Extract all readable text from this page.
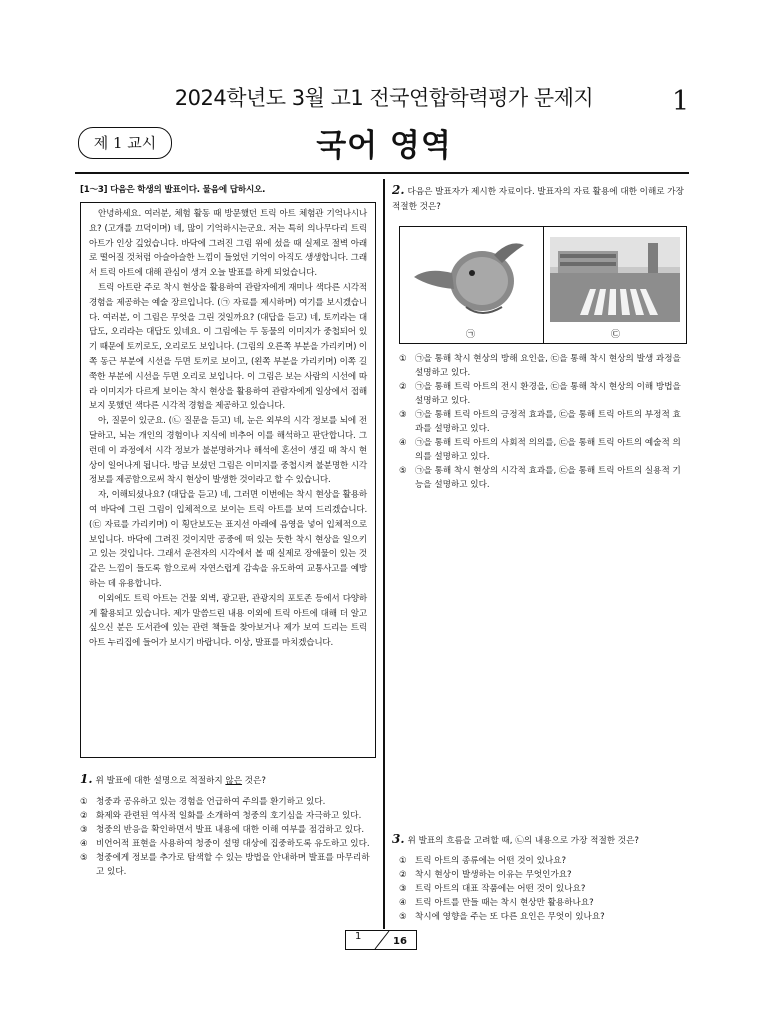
2024학년도 3월 고1 전국연합학력평가 문제지	1
제 1 교시	국어 영역
[1～3] 다음은 학생의 발표이다. 물음에 답하시오.

안녕하세요. 여러분, 체험 활동 때 방문했던 트릭 아트 체험관 기억나시나요? (고개를 끄덕이며) 네, 많이 기억하시는군요. 저는 특히 의나무다리 트릭 아트가 인상 깊었습니다. 바닥에 그려진 그림 위에 섰을 때 실제로 절벽 아래로 떨어질 것처럼 아슬아슬한 느낌이 들었던 기억이 아직도 생생합니다. 그래서 트릭 아트에 대해 관심이 생겨 오늘 발표를 하게 되었습니다.

트릭 아트란 주로 착시 현상을 활용하여 관람자에게 재미나 색다른 시각적 경험을 제공하는 예술 장르입니다. (㉠ 자료를 제시하며) 여기를 보시겠습니다. 여러분, 이 그림은 무엇을 그린 것일까요? (대답을 듣고) 네, 토끼라는 대답도, 오리라는 대답도 있네요. 이 그림에는 두 동물의 이미지가 중첩되어 있기 때문에 토끼로도, 오리로도 보입니다. (그림의 오른쪽 부분을 가리키며) 이쪽 동근 부분에 시선을 두면 토끼로 보이고, (왼쪽 부분을 가리키며) 이쪽 길쭉한 부분에 시선을 두면 오리로 보입니다. 이 그림은 보는 사람의 시선에 따라 이미지가 다르게 보이는 착시 현상을 활용하여 관람자에게 일상에서 접해 보지 못했던 색다른 시각적 경험을 제공하고 있습니다.

아, 질문이 있군요. (㉡ 질문을 듣고) 네, 눈은 외부의 시각 정보를 뇌에 전달하고, 뇌는 개인의 경험이나 지식에 비추어 이를 해석하고 판단합니다. 그런데 이 과정에서 시각 정보가 불분명하거나 해석에 혼선이 생길 때 착시 현상이 일어나게 됩니다. 방금 보셨던 그림은 이미지를 중첩시켜 불분명한 시각 정보를 제공함으로써 착시 현상이 발생한 것이라고 할 수 있습니다.

자, 이해되셨나요? (대답을 듣고) 네, 그러면 이번에는 착시 현상을 활용하여 바닥에 그린 그림이 입체적으로 보이는 트릭 아트를 보여 드리겠습니다. (㉢ 자료를 가리키며) 이 횡단보도는 표지선 아래에 음영을 넣어 입체적으로 보입니다. 바닥에 그려진 것이지만 공중에 떠 있는 듯한 착시 현상을 일으키고 있는 것입니다. 그래서 운전자의 시각에서 볼 때 실제로 장애물이 있는 것 같은 느낌이 들도록 함으로써 자연스럽게 감속을 유도하여 교통사고를 예방하는 데 유용합니다.

이외에도 트릭 아트는 건물 외벽, 광고판, 관광지의 포토존 등에서 다양하게 활용되고 있습니다. 제가 말씀드린 내용 이외에 트릭 아트에 대해 더 알고 싶으신 분은 도서관에 있는 관련 책들을 찾아보거나 제가 보여 드리는 트릭 아트 누리집에 들어가 보시기 바랍니다. 이상, 발표를 마치겠습니다.

1. 위 발표에 대한 설명으로 적절하지 않은 것은?
① 청중과 공유하고 있는 경험을 언급하여 주의를 환기하고 있다.
② 화제와 관련된 역사적 일화를 소개하여 청중의 호기심을 자극하고 있다.
③ 청중의 반응을 확인하면서 발표 내용에 대한 이해 여부를 점검하고 있다.
④ 비언어적 표현을 사용하여 청중이 설명 대상에 집중하도록 유도하고 있다.
⑤ 청중에게 정보를 추가로 탐색할 수 있는 방법을 안내하며 발표를 마무리하고 있다.
2. 다음은 발표자가 제시한 자료이다. 발표자의 자료 활용에 대한 이해로 가장 적절한 것은?
㉠	㉢
① ㉠을 통해 착시 현상의 방해 요인을, ㉢을 통해 착시 현상의 발생 과정을 설명하고 있다.
② ㉠을 통해 트릭 아트의 전시 환경을, ㉢을 통해 착시 현상의 이해 방법을 설명하고 있다.
③ ㉠을 통해 트릭 아트의 긍정적 효과를, ㉢을 통해 트릭 아트의 부정적 효과를 설명하고 있다.
④ ㉠을 통해 트릭 아트의 사회적 의의를, ㉢을 통해 트릭 아트의 예술적 의의를 설명하고 있다.
⑤ ㉠을 통해 착시 현상의 시각적 효과를, ㉢을 통해 트릭 아트의 실용적 기능을 설명하고 있다.
3. 위 발표의 흐름을 고려할 때, ㉡의 내용으로 가장 적절한 것은?
① 트릭 아트의 종류에는 어떤 것이 있나요?
② 착시 현상이 발생하는 이유는 무엇인가요?
③ 트릭 아트의 대표 작품에는 어떤 것이 있나요?
④ 트릭 아트를 만들 때는 착시 현상만 활용하나요?
⑤ 착시에 영향을 주는 또 다른 요인은 무엇이 있나요?
1	16
